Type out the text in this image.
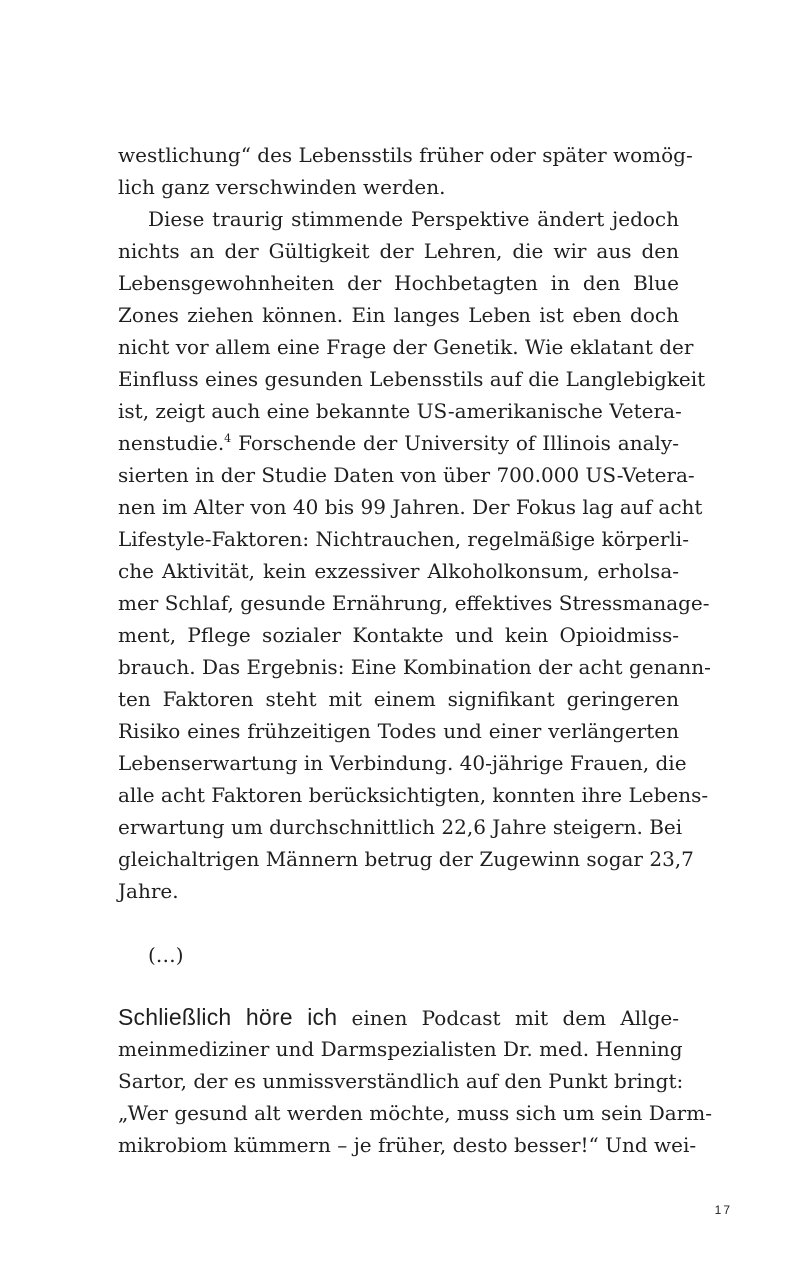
westlichung“ des Lebensstils früher oder später womög-
lich ganz verschwinden werden.
Diese traurig stimmende Perspektive ändert jedoch
nichts an der Gültigkeit der Lehren, die wir aus den
Lebensgewohnheiten der Hochbetagten in den Blue
Zones ziehen können. Ein langes Leben ist eben doch
nicht vor allem eine Frage der Genetik. Wie eklatant der
Einfluss eines gesunden Lebensstils auf die Langlebigkeit
ist, zeigt auch eine bekannte US-amerikanische Vetera-
nenstudie.$^4$ Forschende der University of Illinois analy-
sierten in der Studie Daten von über 700.000 US-Vetera-
nen im Alter von 40 bis 99 Jahren. Der Fokus lag auf acht
Lifestyle-Faktoren: Nichtrauchen, regelmäßige körperli-
che Aktivität, kein exzessiver Alkoholkonsum, erholsa-
mer Schlaf, gesunde Ernährung, effektives Stressmanage-
ment, Pflege sozialer Kontakte und kein Opioidmiss-
brauch. Das Ergebnis: Eine Kombination der acht genann-
ten Faktoren steht mit einem signifikant geringeren
Risiko eines frühzeitigen Todes und einer verlängerten
Lebenserwartung in Verbindung. 40-jährige Frauen, die
alle acht Faktoren berücksichtigten, konnten ihre Lebens-
erwartung um durchschnittlich 22,6 Jahre steigern. Bei
gleichaltrigen Männern betrug der Zugewinn sogar 23,7
Jahre.
(…)
Schließlich höre ich einen Podcast mit dem Allge-
meinmediziner und Darmspezialisten Dr. med. Henning
Sartor, der es unmissverständlich auf den Punkt bringt:
„Wer gesund alt werden möchte, muss sich um sein Darm-
mikrobiom kümmern – je früher, desto besser!“ Und wei-
17
